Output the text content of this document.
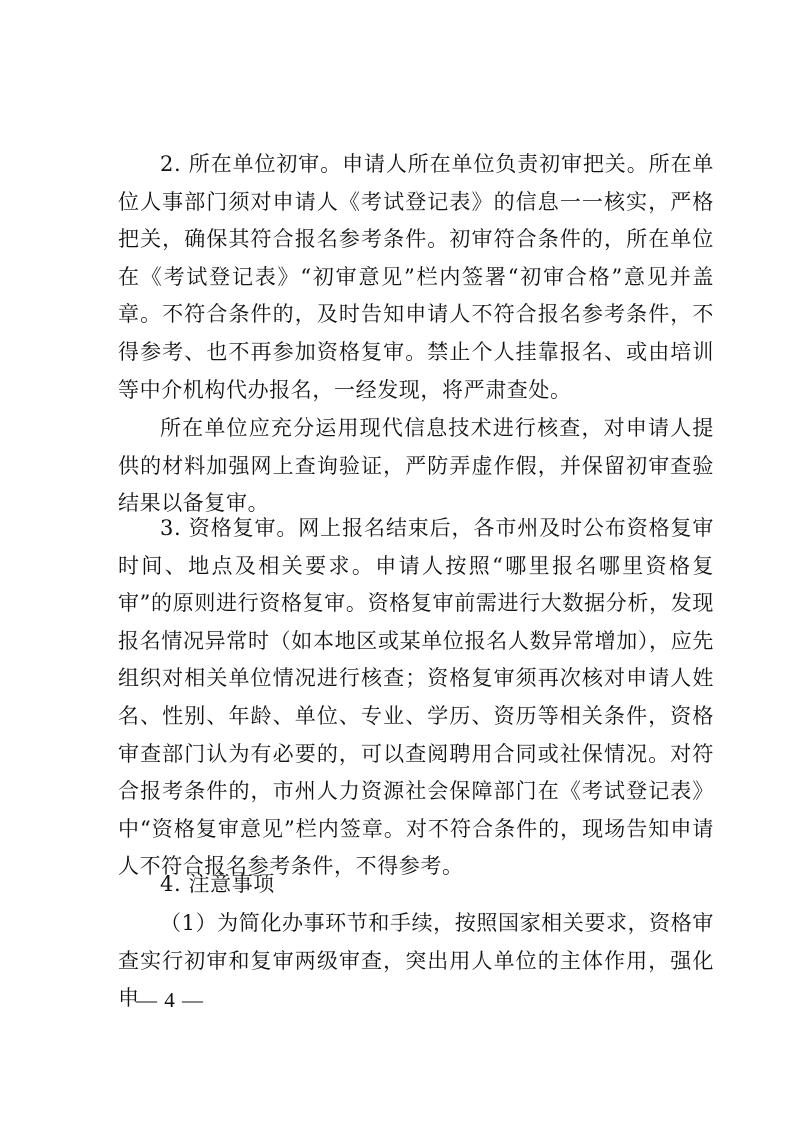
2. 所在单位初审。申请人所在单位负责初审把关。所在单位人事部门须对申请人《考试登记表》的信息一一核实，严格把关，确保其符合报名参考条件。初审符合条件的，所在单位在《考试登记表》“初审意见”栏内签署“初审合格”意见并盖章。不符合条件的，及时告知申请人不符合报名参考条件，不得参考、也不再参加资格复审。禁止个人挂靠报名、或由培训等中介机构代办报名，一经发现，将严肃查处。

所在单位应充分运用现代信息技术进行核查，对申请人提供的材料加强网上查询验证，严防弄虚作假，并保留初审查验结果以备复审。

3. 资格复审。网上报名结束后，各市州及时公布资格复审时间、地点及相关要求。申请人按照“哪里报名哪里资格复审”的原则进行资格复审。资格复审前需进行大数据分析，发现报名情况异常时（如本地区或某单位报名人数异常增加），应先组织对相关单位情况进行核查；资格复审须再次核对申请人姓名、性别、年龄、单位、专业、学历、资历等相关条件，资格审查部门认为有必要的，可以查阅聘用合同或社保情况。对符合报考条件的，市州人力资源社会保障部门在《考试登记表》中“资格复审意见”栏内签章。对不符合条件的，现场告知申请人不符合报名参考条件，不得参考。

4. 注意事项

（1）为简化办事环节和手续，按照国家相关要求，资格审查实行初审和复审两级审查，突出用人单位的主体作用，强化申

— 4 —
